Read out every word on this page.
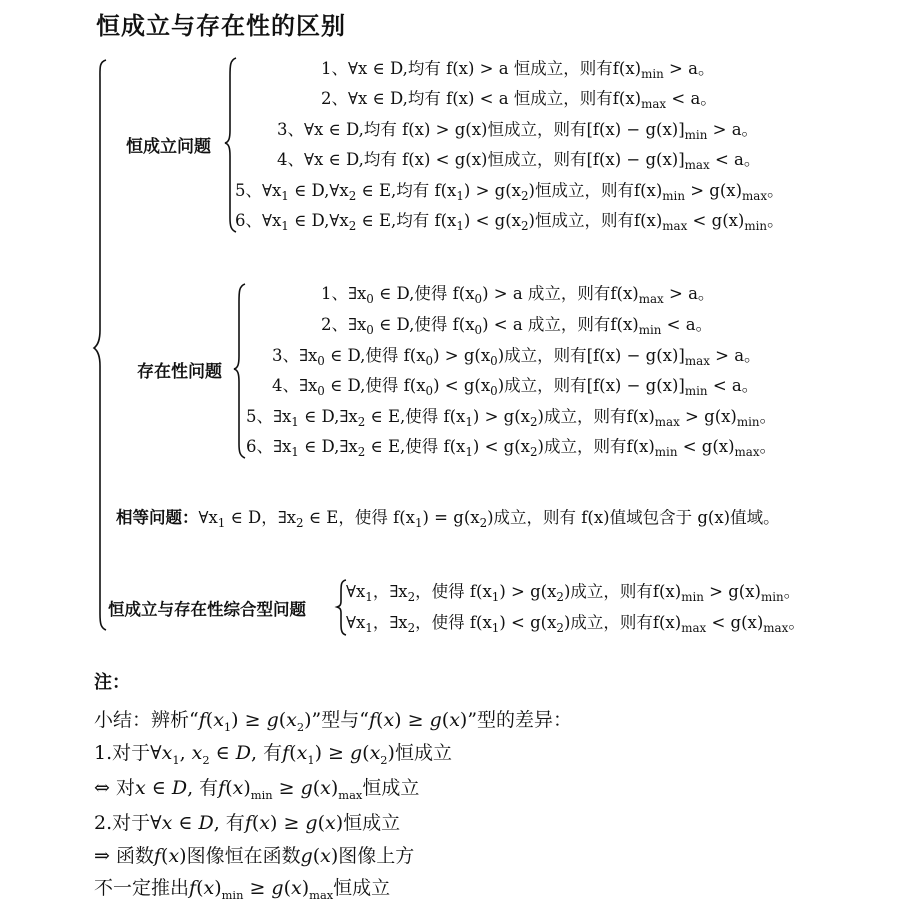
恒成立与存在性的区别
恒成立问题
1、∀x ∈ D,均有 f(x) > a 恒成立，则有$f(x)_{min} > a$。
2、∀x ∈ D,均有 f(x) < a 恒成立，则有$f(x)_{max} < a$。
3、∀x ∈ D,均有 f(x) > g(x)恒成立，则有$[f(x) - g(x)]_{min} > a$。
4、∀x ∈ D,均有 f(x) < g(x)恒成立，则有$[f(x) - g(x)]_{max} < a$。
5、$\forall x_1$ ∈ $D,\forall x_2$ ∈ E,均有 $f(x_1) > g(x_2)$恒成立，则有$f(x)_{min} > g(x)_{max}$。
6、$\forall x_1$ ∈ $D,\forall x_2$ ∈ E,均有 $f(x_1) < g(x_2)$恒成立，则有$f(x)_{max} < g(x)_{min}$。
存在性问题
1、$\exists x_0$ ∈ D,使得 $f(x_0) > a$ 成立，则有$f(x)_{max} > a$。
2、$\exists x_0$ ∈ D,使得 $f(x_0) < a$ 成立，则有$f(x)_{min} < a$。
3、$\exists x_0$ ∈ D,使得 $f(x_0) > g(x_0)$成立，则有$[f(x) - g(x)]_{max} > a$。
4、$\exists x_0$ ∈ D,使得 $f(x_0) < g(x_0)$成立，则有$[f(x) - g(x)]_{min} < a$。
5、$\exists x_1$ ∈ $D,\exists x_2$ ∈ E,使得 $f(x_1) > g(x_2)$成立，则有$f(x)_{max} > g(x)_{min}$。
6、$\exists x_1$ ∈ $D,\exists x_2$ ∈ E,使得 $f(x_1) < g(x_2)$成立，则有$f(x)_{min} < g(x)_{max}$。
相等问题：$\forall x_1$ ∈ D，$\exists x_2$ ∈ E，使得 $f(x_1) = g(x_2)$成立，则有 f(x)值域包含于 g(x)值域。
恒成立与存在性综合型问题
$\forall x_1$，$\exists x_2$，使得 $f(x_1) > g(x_2)$成立，则有$f(x)_{min} > g(x)_{min}$。
$\forall x_1$，$\exists x_2$，使得 $f(x_1) < g(x_2)$成立，则有$f(x)_{max} < g(x)_{max}$。
注：
小结：辨析“$f(x_1) \ge g(x_2)$”型与“f(x) ≥ g(x)”型的差异：
1.对于$\forall x_1$, $x_2$ ∈ D, 有$f(x_1) \ge g(x_2)$恒成立
⇔ 对x ∈ D, 有$f(x)_{min} \ge g(x)_{max}$恒成立
2.对于∀x ∈ D, 有f(x) ≥ g(x)恒成立
⇒ 函数f(x)图像恒在函数g(x)图像上方
不一定推出$f(x)_{min} \ge g(x)_{max}$恒成立
